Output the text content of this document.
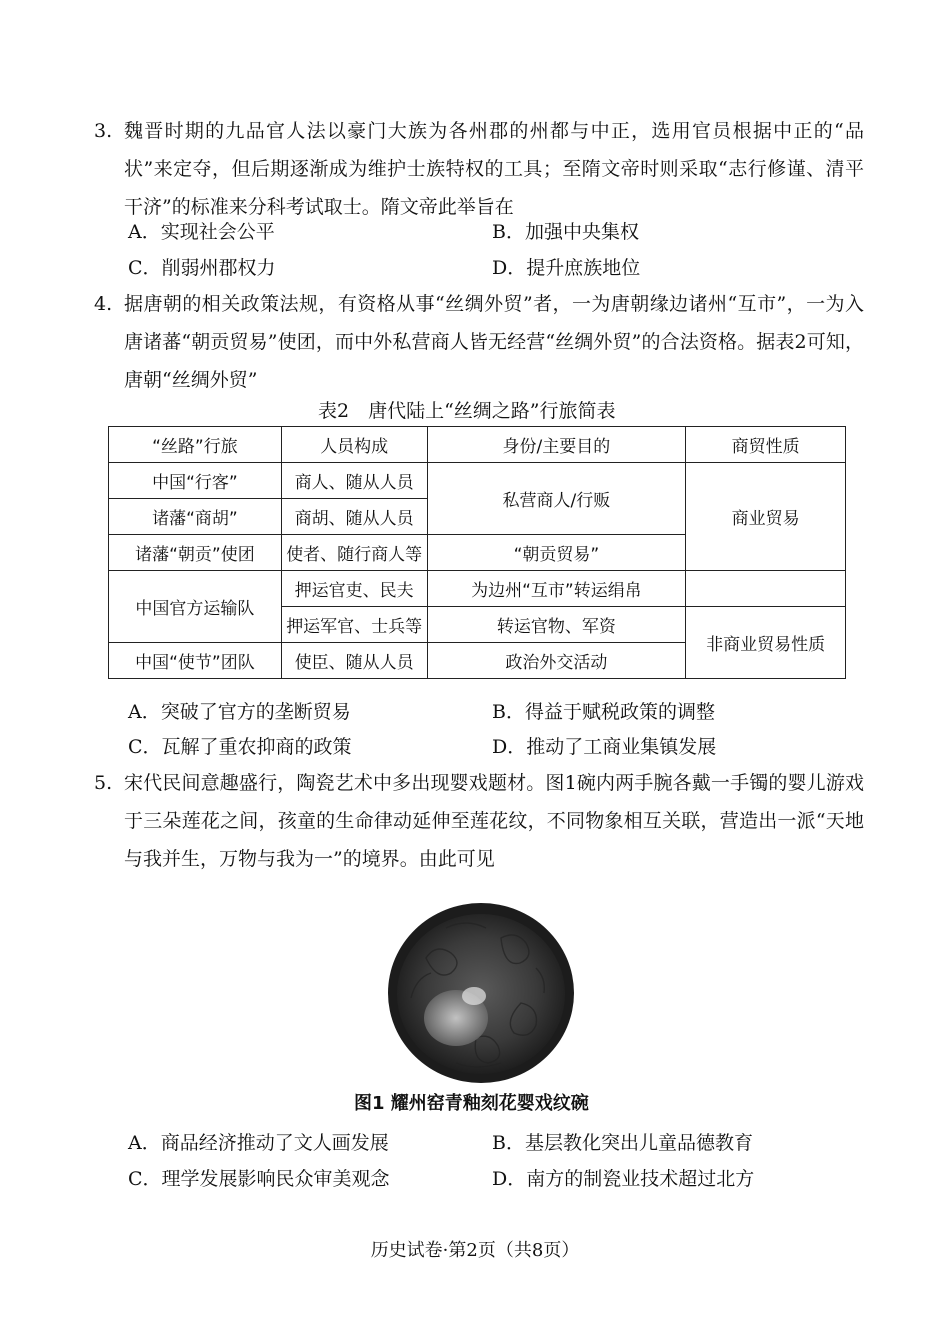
3. 魏晋时期的九品官人法以豪门大族为各州郡的州都与中正，选用官员根据中正的“品状”来定夺，但后期逐渐成为维护士族特权的工具；至隋文帝时则采取“志行修谨、清平干济”的标准来分科考试取士。隋文帝此举旨在
A．实现社会公平	B．加强中央集权
C．削弱州郡权力	D．提升庶族地位
4. 据唐朝的相关政策法规，有资格从事“丝绸外贸”者，一为唐朝缘边诸州“互市”，一为入唐诸蕃“朝贡贸易”使团，而中外私营商人皆无经营“丝绸外贸”的合法资格。据表2可知，唐朝“丝绸外贸”
表2　唐代陆上“丝绸之路”行旅简表
“丝路”行旅	人员构成	身份/主要目的	商贸性质
中国“行客”	商人、随从人员	私营商人/行贩	商业贸易
诸藩“商胡”	商胡、随从人员		
诸藩“朝贡”使团	使者、随行商人等	“朝贡贸易”	
中国官方运输队	押运官吏、民夫	为边州“互市”转运绢帛	
	押运军官、士兵等	转运官物、军资	非商业贸易性质
中国“使节”团队	使臣、随从人员	政治外交活动	
A．突破了官方的垄断贸易	B．得益于赋税政策的调整
C．瓦解了重农抑商的政策	D．推动了工商业集镇发展
5. 宋代民间意趣盛行，陶瓷艺术中多出现婴戏题材。图1碗内两手腕各戴一手镯的婴儿游戏于三朵莲花之间，孩童的生命律动延伸至莲花纹，不同物象相互关联，营造出一派“天地与我并生，万物与我为一”的境界。由此可见
图1 耀州窑青釉刻花婴戏纹碗
A．商品经济推动了文人画发展	B．基层教化突出儿童品德教育
C．理学发展影响民众审美观念	D．南方的制瓷业技术超过北方
历史试卷·第2页（共8页）
